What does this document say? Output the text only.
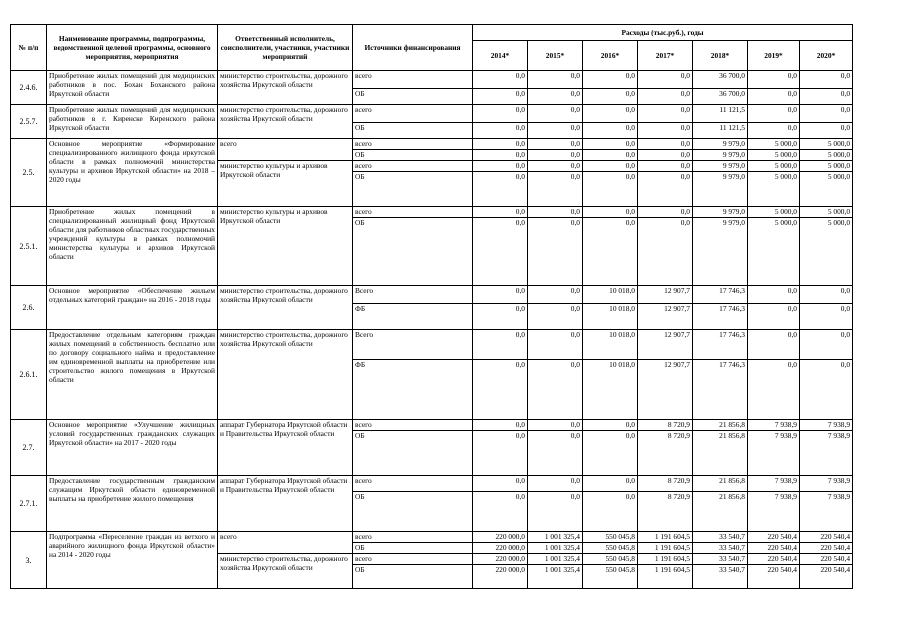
№ п/п	Наименование программы, подпрограммы, ведомственной целевой программы, основного мероприятия, мероприятия	Ответственный исполнитель, соисполнители, участники, участники мероприятий	Источники финансирования	Расходы (тыс.руб.), годы						
				2014*	2015*	2016*	2017*	2018*	2019*	2020*
2.4.6.	Приобретение жилых помещений для медицинских работников в пос. Бохан Боханского района Иркутской области	министерство строительства, дорожного хозяйства Иркутской области	всего	0,0	0,0	0,0	0,0	36 700,0	0,0	0,0
			ОБ	0,0	0,0	0,0	0,0	36 700,0	0,0	0,0
2.5.7.	Приобретение жилых помещений для медицинских работников в г. Киренске Киренского района Иркутской области	министерство строительства, дорожного хозяйства Иркутской области	всего	0,0	0,0	0,0	0,0	11 121,5	0,0	0,0
			ОБ	0,0	0,0	0,0	0,0	11 121,5	0,0	0,0
2.5.	Основное мероприятие «Формирование специализированного жилищного фонда иркутской области в рамках полномочий министерства культуры и архивов Иркутской области» на 2018 – 2020 годы	всего	всего	0,0	0,0	0,0	0,0	9 979,0	5 000,0	5 000,0
			ОБ	0,0	0,0	0,0	0,0	9 979,0	5 000,0	5 000,0
		министерство культуры и архивов Иркутской области	всего	0,0	0,0	0,0	0,0	9 979,0	5 000,0	5 000,0
			ОБ	0,0	0,0	0,0	0,0	9 979,0	5 000,0	5 000,0
2.5.1.	Приобретение жилых помещений в специализированный жилищный фонд Иркутской области для работников областных государственных учреждений культуры в рамках полномочий министерства культуры и архивов Иркутской области	министерство культуры и архивов Иркутской области	всего	0,0	0,0	0,0	0,0	9 979,0	5 000,0	5 000,0
			ОБ	0,0	0,0	0,0	0,0	9 979,0	5 000,0	5 000,0
2.6.	Основное мероприятие «Обеспечение жильем отдельных категорий граждан» на 2016 - 2018 годы	министерство строительства, дорожного хозяйства Иркутской области	Всего	0,0	0,0	10 018,0	12 907,7	17 746,3	0,0	0,0
			ФБ	0,0	0,0	10 018,0	12 907,7	17 746,3	0,0	0,0
2.6.1.	Предоставление отдельным категориям граждан жилых помещений в собственность бесплатно или по договору социального найма и предоставление им единовременной выплаты на приобретение или строительство жилого помещения в Иркутской области	министерство строительства, дорожного хозяйства Иркутской области	Всего	0,0	0,0	10 018,0	12 907,7	17 746,3	0,0	0,0
			ФБ	0,0	0,0	10 018,0	12 907,7	17 746,3	0,0	0,0
2.7.	Основное мероприятие «Улучшение жилищных условий государственных гражданских служащих Иркутской области» на 2017 - 2020 годы	аппарат Губернатора Иркутской области и Правительства Иркутской области	всего	0,0	0,0	0,0	8 720,9	21 856,8	7 938,9	7 938,9
			ОБ	0,0	0,0	0,0	8 720,9	21 856,8	7 938,9	7 938,9
2.7.1.	Предоставление государственным гражданским служащим Иркутской области единовременной выплаты на приобретение жилого помещения	аппарат Губернатора Иркутской области и Правительства Иркутской области	всего	0,0	0,0	0,0	8 720,9	21 856,8	7 938,9	7 938,9
			ОБ	0,0	0,0	0,0	8 720,9	21 856,8	7 938,9	7 938,9
3.	Подпрограмма «Переселение граждан из ветхого и аварийного жилищного фонда Иркутской области» на 2014 - 2020 годы	всего	всего	220 000,0	1 001 325,4	550 045,8	1 191 604,5	33 540,7	220 540,4	220 540,4
			ОБ	220 000,0	1 001 325,4	550 045,8	1 191 604,5	33 540,7	220 540,4	220 540,4
		министерство строительства, дорожного хозяйства Иркутской области	всего	220 000,0	1 001 325,4	550 045,8	1 191 604,5	33 540,7	220 540,4	220 540,4
			ОБ	220 000,0	1 001 325,4	550 045,8	1 191 604,5	33 540,7	220 540,4	220 540,4
